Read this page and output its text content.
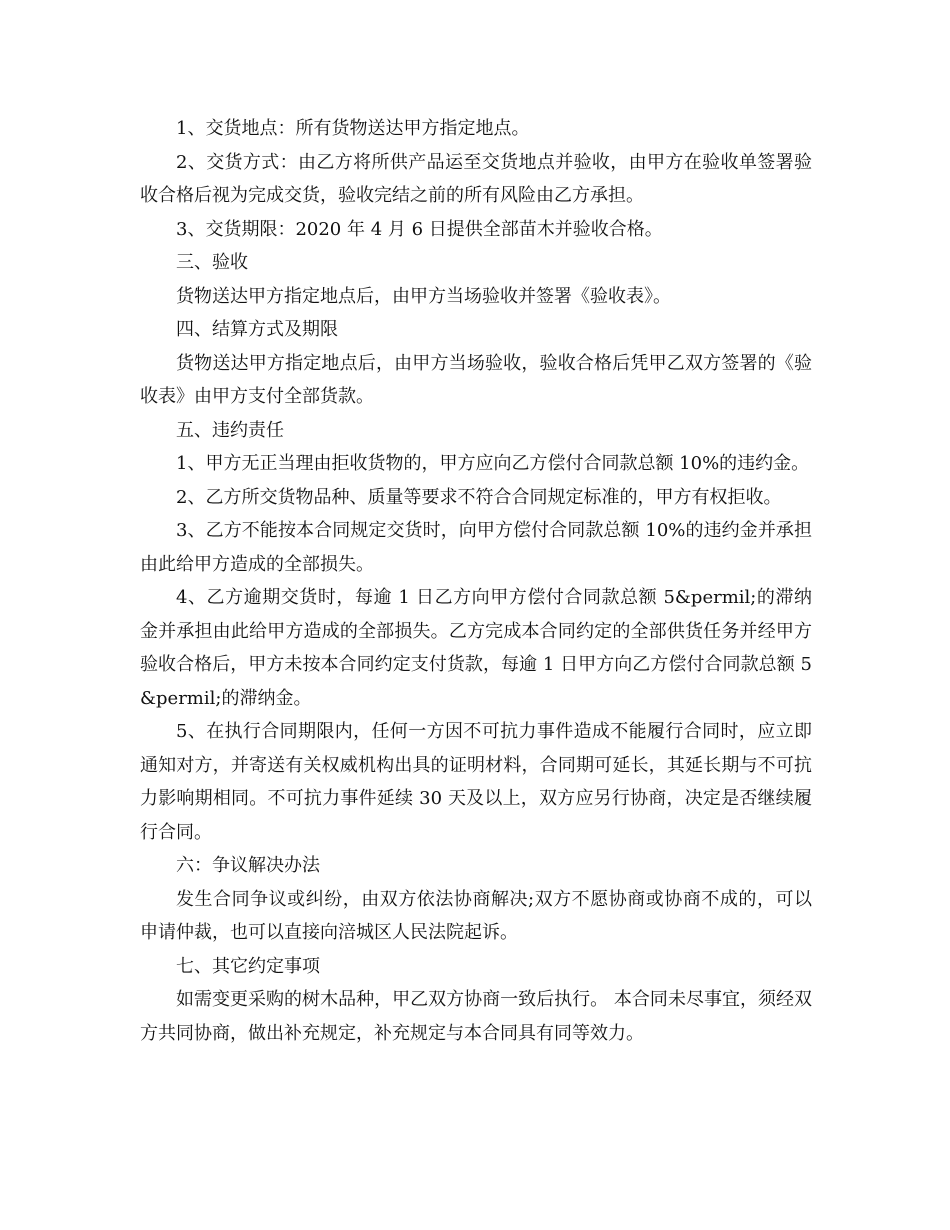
1、交货地点：所有货物送达甲方指定地点。

2、交货方式：由乙方将所供产品运至交货地点并验收，由甲方在验收单签署验收合格后视为完成交货，验收完结之前的所有风险由乙方承担。

3、交货期限：2020 年 4 月 6 日提供全部苗木并验收合格。

三、验收

货物送达甲方指定地点后，由甲方当场验收并签署《验收表》。

四、结算方式及期限

货物送达甲方指定地点后，由甲方当场验收，验收合格后凭甲乙双方签署的《验收表》由甲方支付全部货款。

五、违约责任

1、甲方无正当理由拒收货物的，甲方应向乙方偿付合同款总额 10%的违约金。

2、乙方所交货物品种、质量等要求不符合合同规定标准的，甲方有权拒收。

3、乙方不能按本合同规定交货时，向甲方偿付合同款总额 10%的违约金并承担由此给甲方造成的全部损失。

4、乙方逾期交货时，每逾 1 日乙方向甲方偿付合同款总额 5&permil;的滞纳金并承担由此给甲方造成的全部损失。乙方完成本合同约定的全部供货任务并经甲方验收合格后，甲方未按本合同约定支付货款，每逾 1 日甲方向乙方偿付合同款总额 5&permil;的滞纳金。

5、在执行合同期限内，任何一方因不可抗力事件造成不能履行合同时，应立即通知对方，并寄送有关权威机构出具的证明材料，合同期可延长，其延长期与不可抗力影响期相同。不可抗力事件延续 30 天及以上，双方应另行协商，决定是否继续履行合同。

六：争议解决办法

发生合同争议或纠纷，由双方依法协商解决;双方不愿协商或协商不成的，可以申请仲裁，也可以直接向涪城区人民法院起诉。

七、其它约定事项

如需变更采购的树木品种，甲乙双方协商一致后执行。 本合同未尽事宜，须经双方共同协商，做出补充规定，补充规定与本合同具有同等效力。
